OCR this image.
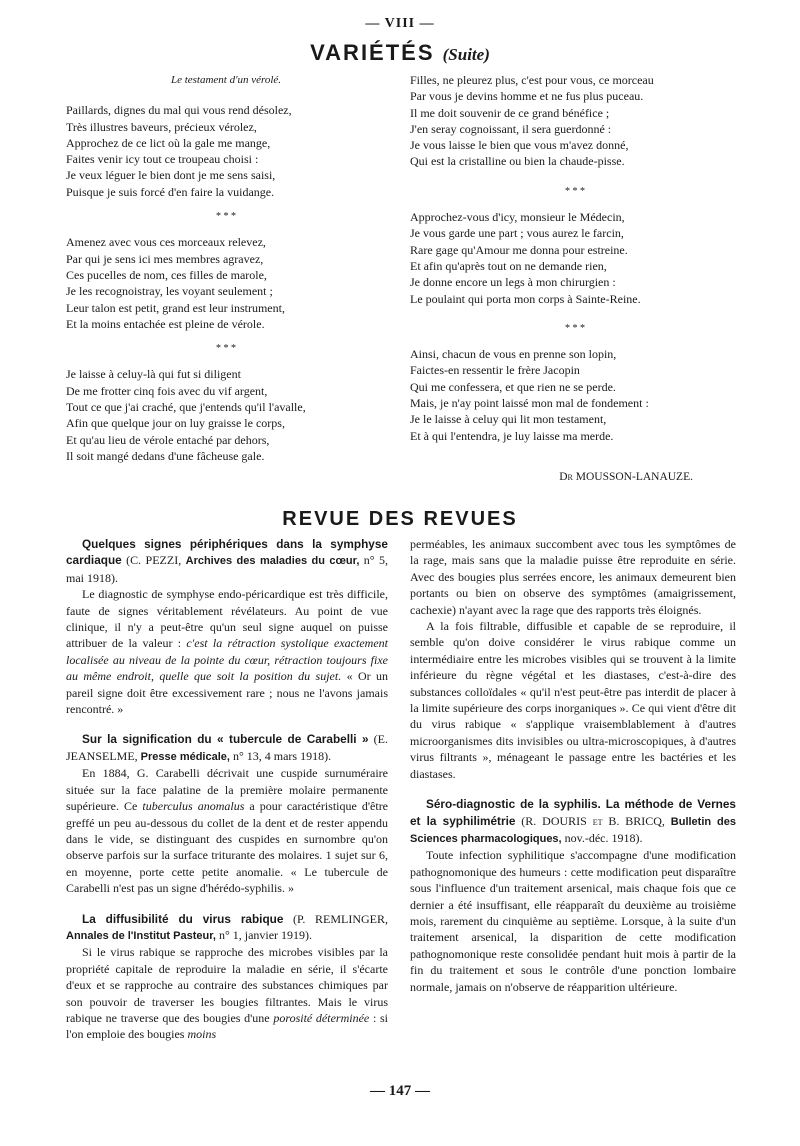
— VIII —
VARIÉTÉS (Suite)
Le testament d'un vérolé.
Paillards, dignes du mal qui vous rend désolez,
Très illustres baveurs, précieux vérolez,
Approchez de ce lict où la gale me mange,
Faites venir icy tout ce troupeau choisi :
Je veux léguer le bien dont je me sens saisi,
Puisque je suis forcé d'en faire la vuidange.
* * *
Amenez avec vous ces morceaux relevez,
Par qui je sens ici mes membres agravez,
Ces pucelles de nom, ces filles de marole,
Je les recognoistray, les voyant seulement ;
Leur talon est petit, grand est leur instrument,
Et la moins entachée est pleine de vérole.
* * *
Je laisse à celuy-là qui fut si diligent
De me frotter cinq fois avec du vif argent,
Tout ce que j'ai craché, que j'entends qu'il l'avalle,
Afin que quelque jour on luy graisse le corps,
Et qu'au lieu de vérole entaché par dehors,
Il soit mangé dedans d'une fâcheuse gale.
Filles, ne pleurez plus, c'est pour vous, ce morceau
Par vous je devins homme et ne fus plus puceau.
Il me doit souvenir de ce grand bénéfice ;
J'en seray cognoissant, il sera guerdonné :
Je vous laisse le bien que vous m'avez donné,
Qui est la cristalline ou bien la chaude-pisse.
* * *
Approchez-vous d'icy, monsieur le Médecin,
Je vous garde une part ; vous aurez le farcin,
Rare gage qu'Amour me donna pour estreine.
Et afin qu'après tout on ne demande rien,
Je donne encore un legs à mon chirurgien :
Le poulaint qui porta mon corps à Sainte-Reine.
* * *
Ainsi, chacun de vous en prenne son lopin,
Faictes-en ressentir le frère Jacopin
Qui me confessera, et que rien ne se perde.
Mais, je n'ay point laissé mon mal de fondement :
Je le laisse à celuy qui lit mon testament,
Et à qui l'entendra, je luy laisse ma merde.
Dr MOUSSON-LANAUZE.
REVUE DES REVUES

Quelques signes périphériques dans la symphyse cardiaque (C. PEZZI, Archives des maladies du cœur, n° 5, mai 1918).

Le diagnostic de symphyse endo-péricardique est très difficile, faute de signes véritablement révélateurs. Au point de vue clinique, il n'y a peut-être qu'un seul signe auquel on puisse attribuer de la valeur : c'est la rétraction systolique exactement localisée au niveau de la pointe du cœur, rétraction toujours fixe au même endroit, quelle que soit la position du sujet. « Or un pareil signe doit être excessivement rare ; nous ne l'avons jamais rencontré. »

Sur la signification du « tubercule de Carabelli » (E. JEANSELME, Presse médicale, n° 13, 4 mars 1918).

En 1884, G. Carabelli décrivait une cuspide surnuméraire située sur la face palatine de la première molaire permanente supérieure. Ce tuberculus anomalus a pour caractéristique d'être greffé un peu au-dessous du collet de la dent et de rester appendu dans le vide, se distinguant des cuspides en surnombre qu'on observe parfois sur la surface triturante des molaires. 1 sujet sur 6, en moyenne, porte cette petite anomalie. « Le tubercule de Carabelli n'est pas un signe d'hérédo-syphilis. »

La diffusibilité du virus rabique (P. REMLINGER, Annales de l'Institut Pasteur, n° 1, janvier 1919).

Si le virus rabique se rapproche des microbes visibles par la propriété capitale de reproduire la maladie en série, il s'écarte d'eux et se rapproche au contraire des substances chimiques par son pouvoir de traverser les bougies filtrantes. Mais le virus rabique ne traverse que des bougies d'une porosité déterminée : si l'on emploie des bougies moins

perméables, les animaux succombent avec tous les symptômes de la rage, mais sans que la maladie puisse être reproduite en série. Avec des bougies plus serrées encore, les animaux demeurent bien portants ou bien on observe des symptômes (amaigrissement, cachexie) n'ayant avec la rage que des rapports très éloignés.

A la fois filtrable, diffusible et capable de se reproduire, il semble qu'on doive considérer le virus rabique comme un intermédiaire entre les microbes visibles qui se trouvent à la limite inférieure du règne végétal et les diastases, c'est-à-dire des substances colloïdales « qu'il n'est peut-être pas interdit de placer à la limite supérieure des corps inorganiques ». Ce qui vient d'être dit du virus rabique « s'applique vraisemblablement à d'autres microorganismes dits invisibles ou ultra-microscopiques, à d'autres virus filtrants », ménageant le passage entre les bactéries et les diastases.

Séro-diagnostic de la syphilis. La méthode de Vernes et la syphilimétrie (R. DOURIS et B. BRICQ, Bulletin des Sciences pharmacologiques, nov.-déc. 1918).

Toute infection syphilitique s'accompagne d'une modification pathognomonique des humeurs : cette modification peut disparaître sous l'influence d'un traitement arsenical, mais chaque fois que ce dernier a été insuffisant, elle réapparaît du deuxième au troisième mois, rarement du cinquième au septième. Lorsque, à la suite d'un traitement arsenical, la disparition de cette modification pathognomonique reste consolidée pendant huit mois à partir de la fin du traitement et sous le contrôle d'une ponction lombaire normale, jamais on n'observe de réapparition ultérieure.

— 147 —
